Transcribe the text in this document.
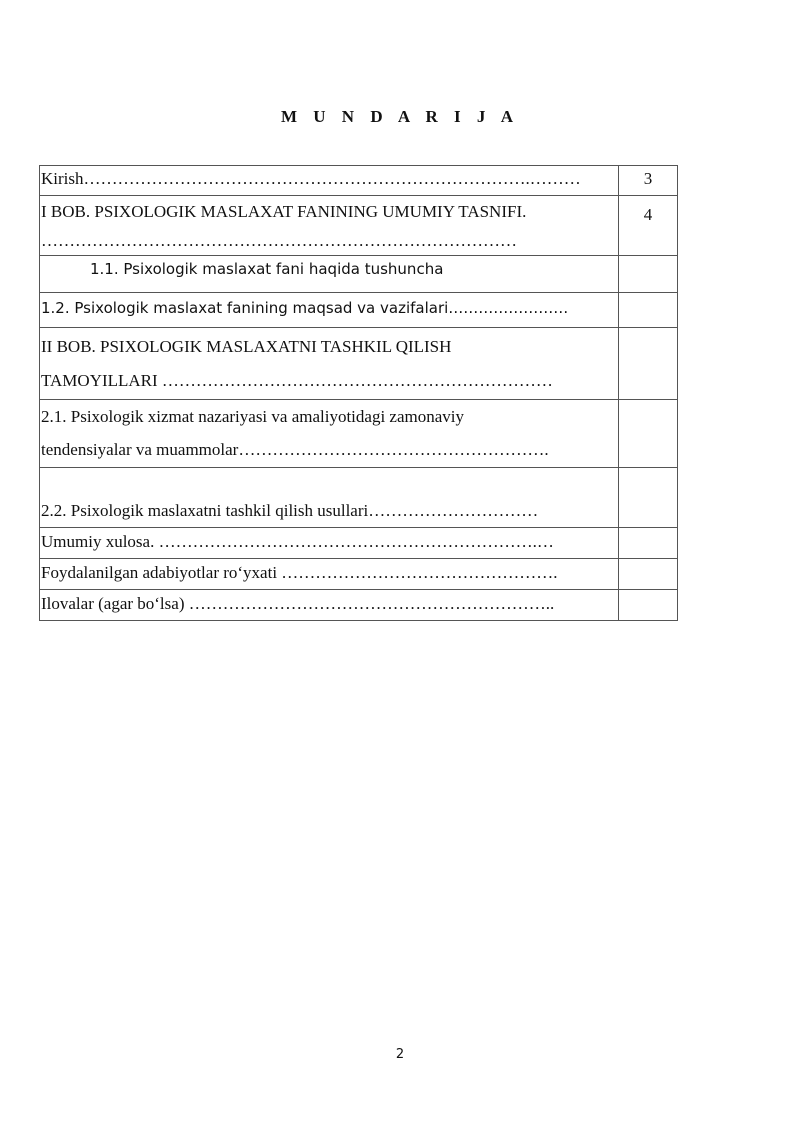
M U N D A R I J A
Kirish…………………………………………………………………….………	3

I BOB. PSIXOLOGIK MASLAXAT FANINING UMUMIY TASNIFI.
…………………………………………………………………………	4

1.1. Psixologik maslaxat fani haqida tushuncha	

1.2. Psixologik maslaxat fanining maqsad va vazifalari……………………	

II BOB. PSIXOLOGIK MASLAXATNI TASHKIL QILISH
TAMOYILLARI ……………………………………………………………	

2.1. Psixologik xizmat nazariyasi va amaliyotidagi zamonaviy
tendensiyalar va muammolar……………………………………………….	

2.2. Psixologik maslaxatni tashkil qilish usullari…………………………	

Umumiy xulosa. ………………………………………………………….…	

Foydalanilgan adabiyotlar ro‘yxati ………………………………………….	

Ilovalar (agar bo‘lsa) ………………………………………………………..	

2
